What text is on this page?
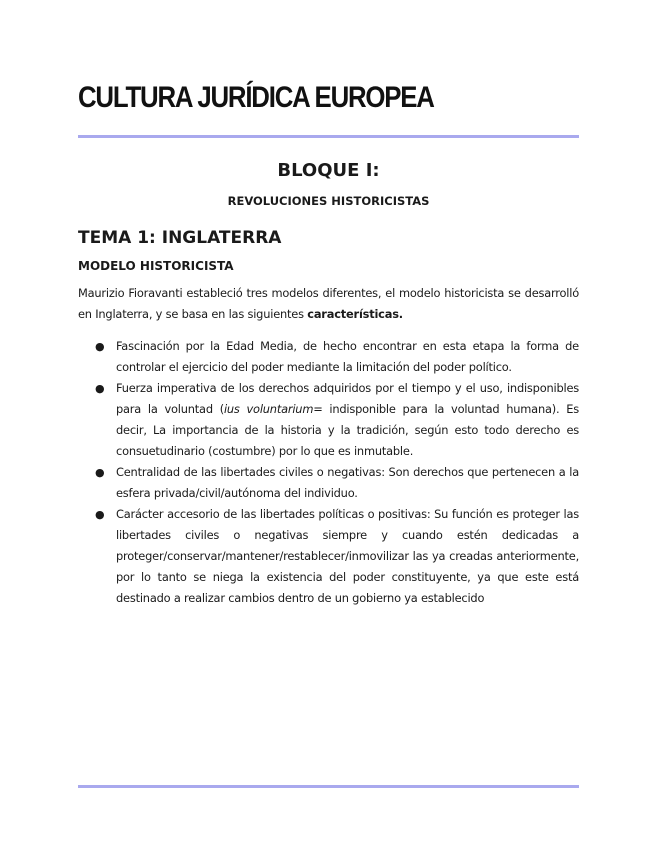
CULTURA JURÍDICA EUROPEA
BLOQUE I:
REVOLUCIONES HISTORICISTAS
TEMA 1: INGLATERRA
MODELO HISTORICISTA

Maurizio Fioravanti estableció tres modelos diferentes, el modelo historicista se desarrolló en Inglaterra, y se basa en las siguientes características.

● Fascinación por la Edad Media, de hecho encontrar en esta etapa la forma de controlar el ejercicio del poder mediante la limitación del poder político.
● Fuerza imperativa de los derechos adquiridos por el tiempo y el uso, indisponibles para la voluntad (ius voluntarium= indisponible para la voluntad humana). Es decir, La importancia de la historia y la tradición, según esto todo derecho es consuetudinario (costumbre) por lo que es inmutable.
● Centralidad de las libertades civiles o negativas: Son derechos que pertenecen a la esfera privada/civil/autónoma del individuo.
● Carácter accesorio de las libertades políticas o positivas: Su función es proteger las libertades civiles o negativas siempre y cuando estén dedicadas a proteger/conservar/mantener/restablecer/inmovilizar las ya creadas anteriormente, por lo tanto se niega la existencia del poder constituyente, ya que este está destinado a realizar cambios dentro de un gobierno ya establecido
